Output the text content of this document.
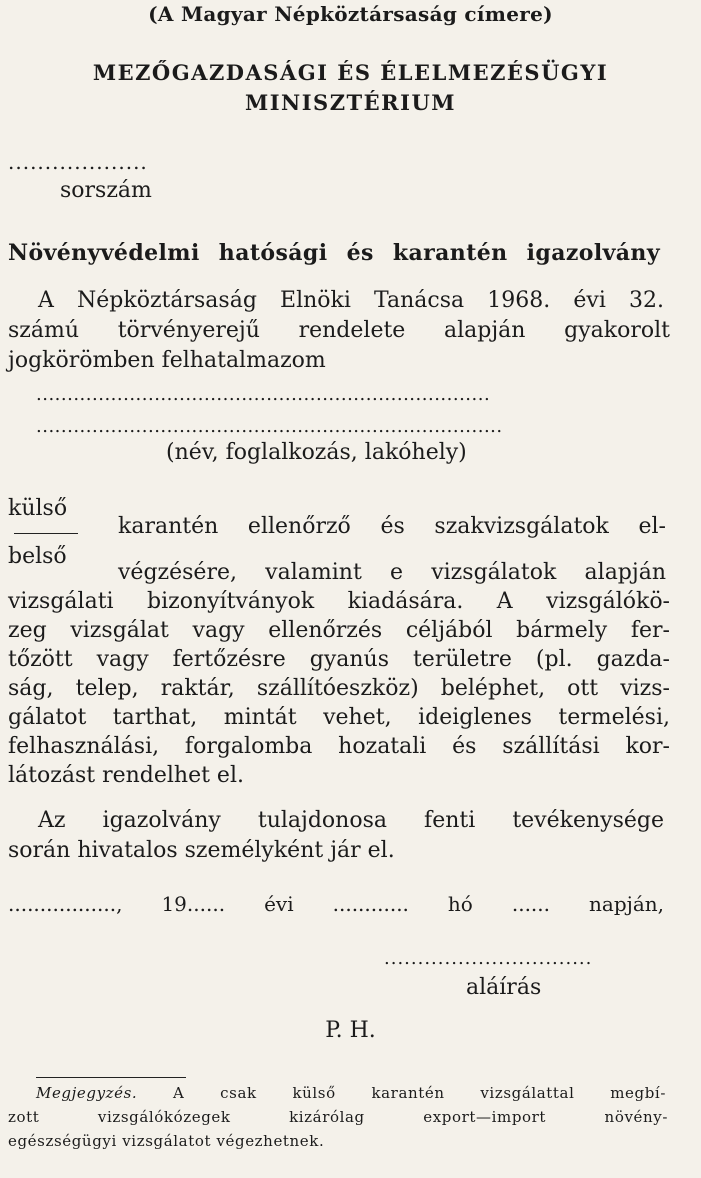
(A Magyar Népköztársaság címere)
MEZŐGAZDASÁGI ÉS ÉLELMEZÉSÜGYI
MINISZTÉRIUM
...................
sorszám
Növényvédelmi hatósági és karantén igazolvány
A Népköztársaság Elnöki Tanácsa 1968. évi 32.
számú törvényerejű rendelete alapján gyakorolt
jogkörömben felhatalmazom
.........................................................................
...........................................................................
(név, foglalkozás, lakóhely)
külső
belső
karantén ellenőrző és szakvizsgálatok el-
végzésére, valamint e vizsgálatok alapján
vizsgálati bizonyítványok kiadására. A vizsgálókö-
zeg vizsgálat vagy ellenőrzés céljából bármely fer-
tőzött vagy fertőzésre gyanús területre (pl. gazda-
ság, telep, raktár, szállítóeszköz) beléphet, ott vizs-
gálatot tarthat, mintát vehet, ideiglenes termelési,
felhasználási, forgalomba hozatali és szállítási kor-
látozást rendelhet el.
Az igazolvány tulajdonosa fenti tevékenysége
során hivatalos személyként jár el.
................., 19...... évi ............ hó ...... napján,
...............................
aláírás
P. H.
Megjegyzés. A csak külső karantén vizsgálattal megbí-
zott vizsgálókózegek kizárólag export—import növény-
egészségügyi vizsgálatot végezhetnek.
